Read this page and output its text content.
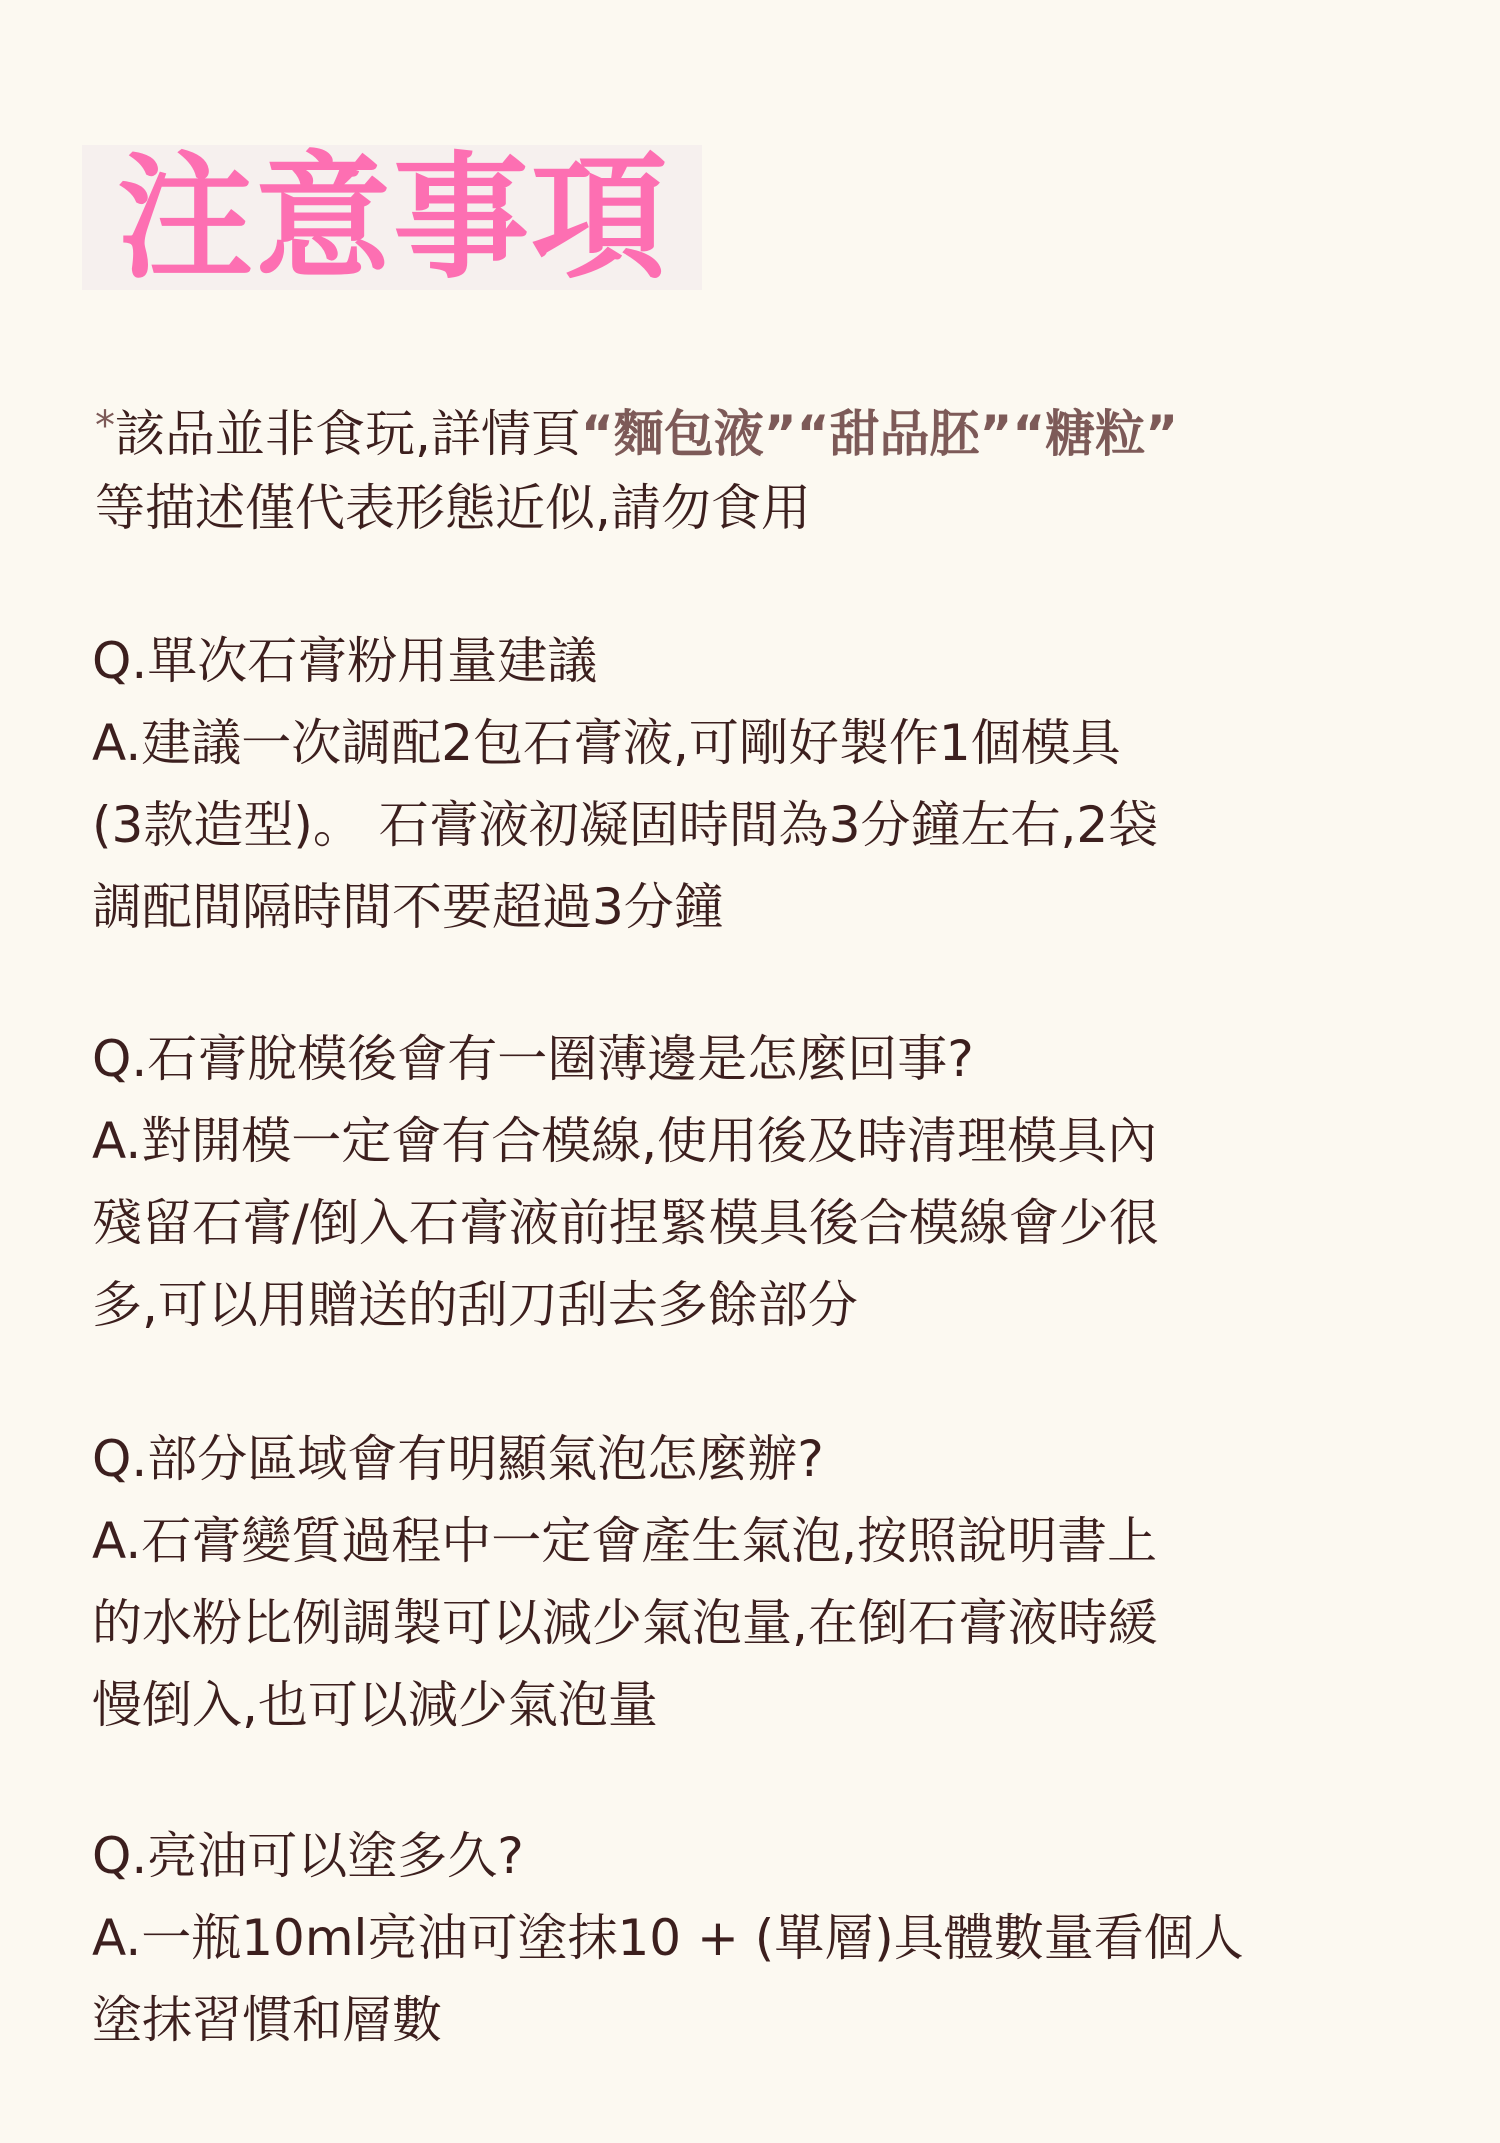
注意事項
*該品並非食玩,詳情頁“麵包液”“甜品胚”“糖粒”
等描述僅代表形態近似,請勿食用
Q.單次石膏粉用量建議
A.建議一次調配2包石膏液,可剛好製作1個模具
(3款造型)。 石膏液初凝固時間為3分鐘左右,2袋
調配間隔時間不要超過3分鐘
Q.石膏脫模後會有一圈薄邊是怎麼回事?
A.對開模一定會有合模線,使用後及時清理模具內
殘留石膏/倒入石膏液前捏緊模具後合模線會少很
多,可以用贈送的刮刀刮去多餘部分
Q.部分區域會有明顯氣泡怎麼辦?
A.石膏變質過程中一定會產生氣泡,按照說明書上
的水粉比例調製可以減少氣泡量,在倒石膏液時緩
慢倒入,也可以減少氣泡量
Q.亮油可以塗多久?
A.一瓶10ml亮油可塗抹10 + (單層)具體數量看個人
塗抹習慣和層數
